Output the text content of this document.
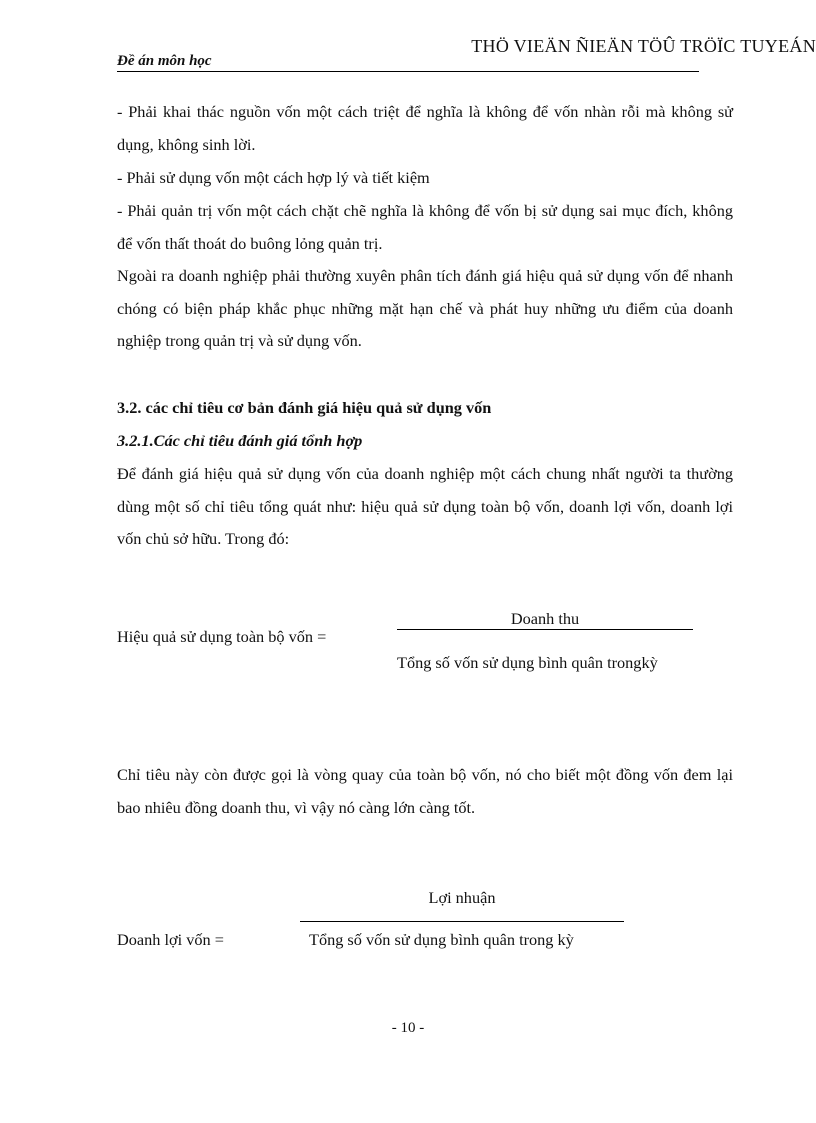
THÖ VIEÄN ÑIEÄN TÖÛ TRÖÏC TUYEÁN
Đề án môn học
- Phải khai thác nguồn vốn một cách triệt để nghĩa là không để vốn nhàn rỗi mà không sử dụng, không sinh lời.
- Phải sử dụng vốn một cách hợp lý và tiết kiệm
- Phải quản trị vốn một cách chặt chẽ nghĩa là không để vốn bị sử dụng sai mục đích, không để vốn thất thoát do buông lỏng quản trị.
Ngoài ra doanh nghiệp phải thường xuyên phân tích đánh giá hiệu quả sử dụng vốn để nhanh chóng có biện pháp khắc phục những mặt hạn chế và phát huy những ưu điểm của doanh nghiệp trong quản trị và sử dụng vốn.
3.2. các chỉ tiêu cơ bản đánh giá hiệu quả sử dụng vốn
3.2.1.Các chỉ tiêu đánh giá tổnh hợp
Để đánh giá hiệu quả sử dụng vốn của doanh nghiệp một cách chung nhất người ta thường dùng một số chỉ tiêu tổng quát như: hiệu quả sử dụng toàn bộ vốn, doanh lợi vốn, doanh lợi vốn chủ sở hữu. Trong đó:
Hiệu quả sử dụng toàn bộ vốn =
Doanh thu
Tổng số vốn sử dụng bình quân trongkỳ
Chỉ tiêu này còn được gọi là vòng quay của toàn bộ vốn, nó cho biết một đồng vốn đem lại bao nhiêu đồng doanh thu, vì vậy nó càng lớn càng tốt.
Lợi nhuận
Doanh lợi vốn =	Tổng số vốn sử dụng bình quân trong kỳ
- 10 -
